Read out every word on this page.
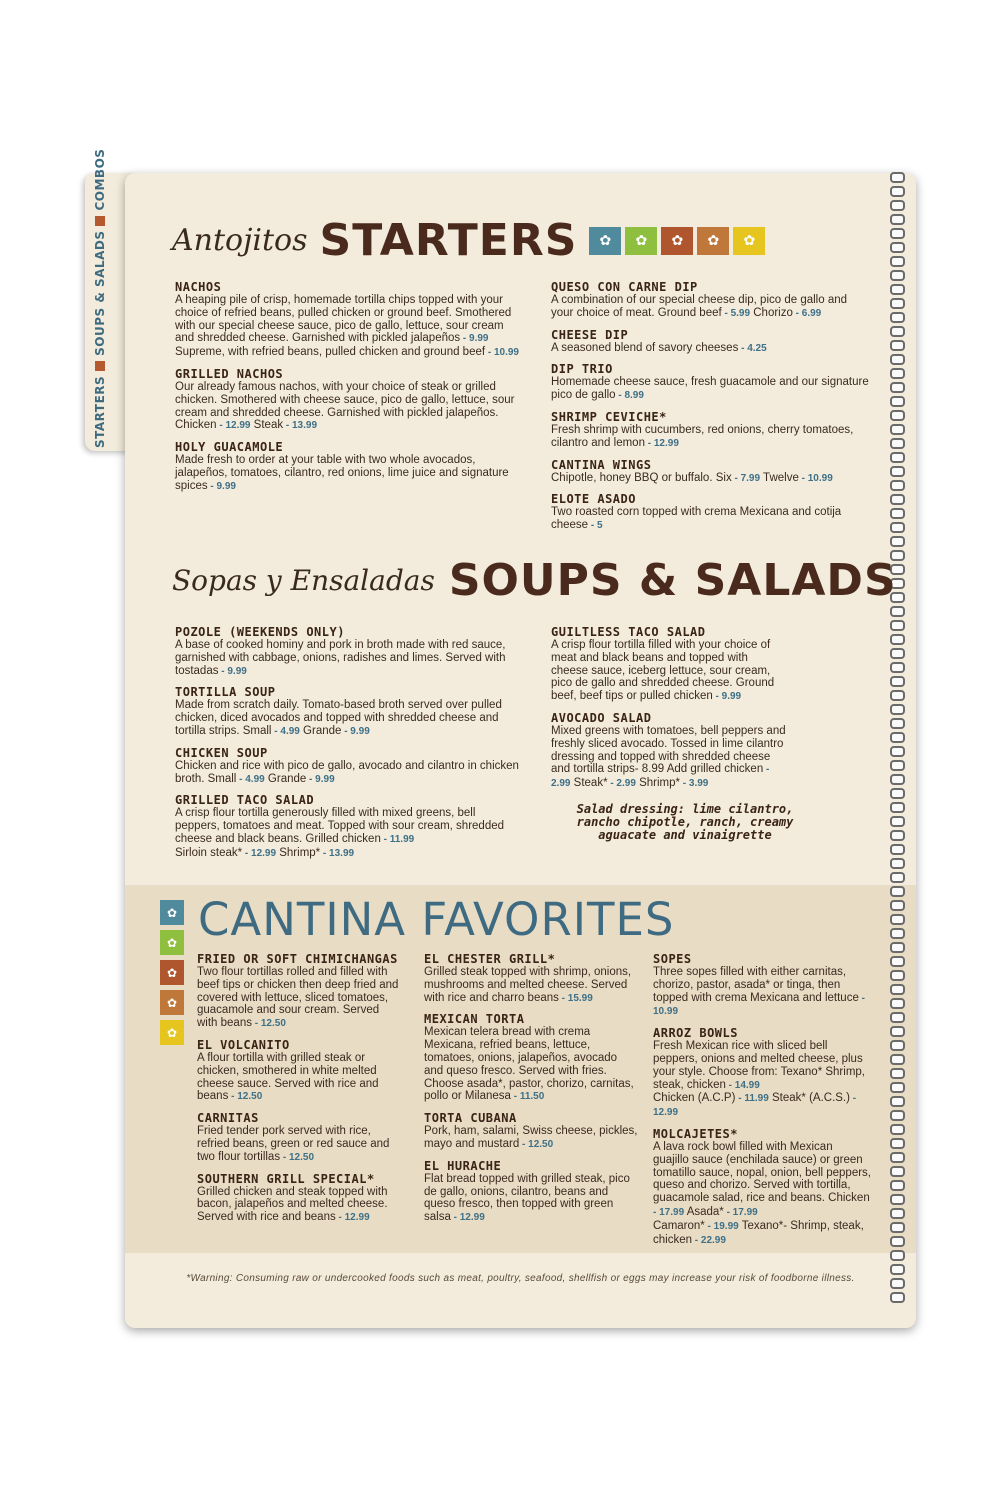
STARTERS
SOUPS & SALADS
COMBOS
Antojitos STARTERS	✿	✿	✿	✿	✿
NACHOS
A heaping pile of crisp, homemade tortilla chips topped with your choice of refried beans, pulled chicken or ground beef. Smothered with our special cheese sauce, pico de gallo, lettuce, sour cream and shredded cheese. Garnished with pickled jalapeños - 9.99
Supreme, with refried beans, pulled chicken and ground beef - 10.99
GRILLED NACHOS
Our already famous nachos, with your choice of steak or grilled chicken. Smothered with cheese sauce, pico de gallo, lettuce, sour cream and shredded cheese. Garnished with pickled jalapeños. Chicken - 12.99 Steak - 13.99
HOLY GUACAMOLE
Made fresh to order at your table with two whole avocados, jalapeños, tomatoes, cilantro, red onions, lime juice and signature spices - 9.99
QUESO CON CARNE DIP
A combination of our special cheese dip, pico de gallo and your choice of meat. Ground beef - 5.99 Chorizo - 6.99
CHEESE DIP
A seasoned blend of savory cheeses - 4.25
DIP TRIO
Homemade cheese sauce, fresh guacamole and our signature pico de gallo - 8.99
SHRIMP CEVICHE*
Fresh shrimp with cucumbers, red onions, cherry tomatoes, cilantro and lemon - 12.99
CANTINA WINGS
Chipotle, honey BBQ or buffalo. Six - 7.99 Twelve - 10.99
ELOTE ASADO
Two roasted corn topped with crema Mexicana and cotija cheese - 5
Sopas y Ensaladas SOUPS & SALADS
POZOLE (WEEKENDS ONLY)
A base of cooked hominy and pork in broth made with red sauce, garnished with cabbage, onions, radishes and limes. Served with tostadas - 9.99
TORTILLA SOUP
Made from scratch daily. Tomato-based broth served over pulled chicken, diced avocados and topped with shredded cheese and tortilla strips. Small - 4.99 Grande - 9.99
CHICKEN SOUP
Chicken and rice with pico de gallo, avocado and cilantro in chicken broth. Small - 4.99 Grande - 9.99
GRILLED TACO SALAD
A crisp flour tortilla generously filled with mixed greens, bell peppers, tomatoes and meat. Topped with sour cream, shredded cheese and black beans. Grilled chicken - 11.99
Sirloin steak* - 12.99 Shrimp* - 13.99
GUILTLESS TACO SALAD
A crisp flour tortilla filled with your choice of meat and black beans and topped with cheese sauce, iceberg lettuce, sour cream, pico de gallo and shredded cheese. Ground beef, beef tips or pulled chicken - 9.99
AVOCADO SALAD
Mixed greens with tomatoes, bell peppers and freshly sliced avocado. Tossed in lime cilantro dressing and topped with shredded cheese and tortilla strips- 8.99 Add grilled chicken - 2.99 Steak* - 2.99 Shrimp* - 3.99
Salad dressing: lime cilantro, rancho chipotle, ranch, creamy aguacate and vinaigrette
CANTINA FAVORITES
✿
✿
✿
✿
✿
FRIED OR SOFT CHIMICHANGAS
Two flour tortillas rolled and filled with beef tips or chicken then deep fried and covered with lettuce, sliced tomatoes, guacamole and sour cream. Served with beans - 12.50
EL VOLCANITO
A flour tortilla with grilled steak or chicken, smothered in white melted cheese sauce. Served with rice and beans - 12.50
CARNITAS
Fried tender pork served with rice, refried beans, green or red sauce and two flour tortillas - 12.50
SOUTHERN GRILL SPECIAL*
Grilled chicken and steak topped with bacon, jalapeños and melted cheese. Served with rice and beans - 12.99
EL CHESTER GRILL*
Grilled steak topped with shrimp, onions, mushrooms and melted cheese. Served with rice and charro beans - 15.99
MEXICAN TORTA
Mexican telera bread with crema Mexicana, refried beans, lettuce, tomatoes, onions, jalapeños, avocado and queso fresco. Served with fries. Choose asada*, pastor, chorizo, carnitas, pollo or Milanesa - 11.50
TORTA CUBANA
Pork, ham, salami, Swiss cheese, pickles, mayo and mustard - 12.50
EL HURACHE
Flat bread topped with grilled steak, pico de gallo, onions, cilantro, beans and queso fresco, then topped with green salsa - 12.99
SOPES
Three sopes filled with either carnitas, chorizo, pastor, asada* or tinga, then topped with crema Mexicana and lettuce - 10.99
ARROZ BOWLS
Fresh Mexican rice with sliced bell peppers, onions and melted cheese, plus your style. Choose from: Texano* Shrimp, steak, chicken - 14.99
Chicken (A.C.P) - 11.99 Steak* (A.C.S.) - 12.99
MOLCAJETES*
A lava rock bowl filled with Mexican guajillo sauce (enchilada sauce) or green tomatillo sauce, nopal, onion, bell peppers, queso and chorizo. Served with tortilla, guacamole salad, rice and beans. Chicken - 17.99 Asada* - 17.99
Camaron* - 19.99 Texano*- Shrimp, steak, chicken - 22.99
*Warning: Consuming raw or undercooked foods such as meat, poultry, seafood, shellfish or eggs may increase your risk of foodborne illness.
